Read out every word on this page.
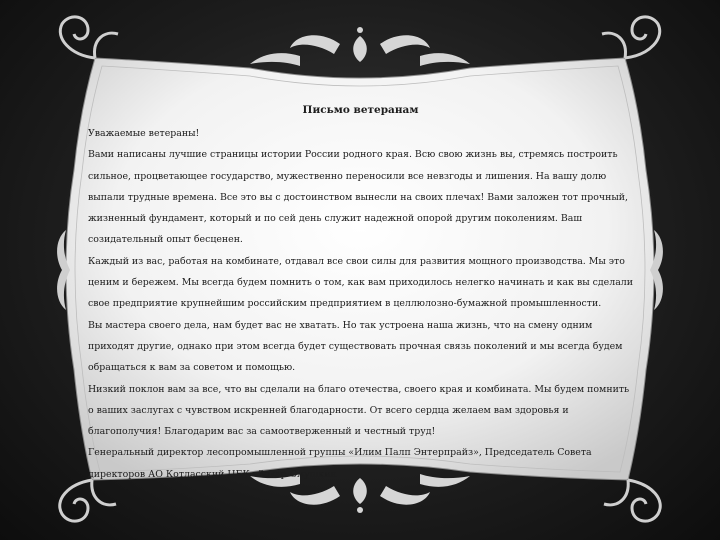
Письмо ветеранам

Уважаемые ветераны!

Вами написаны лучшие страницы истории России родного края. Всю свою жизнь вы, стремясь построить сильное, процветающее государство, мужественно переносили все невзгоды и лишения. На вашу долю выпали трудные времена. Все это вы с достоинством вынесли на своих плечах! Вами заложен тот прочный, жизненный фундамент, который и по сей день служит надежной опорой другим поколениям. Ваш созидательный опыт бесценен.

Каждый из вас, работая на комбинате, отдавал все свои силы для развития мощного производства. Мы это ценим и бережем. Мы всегда будем помнить о том, как вам приходилось нелегко начинать и как вы сделали свое предприятие крупнейшим российским предприятием в целлюлозно-бумажной промышленности.

Вы мастера своего дела, нам будет вас не хватать. Но так устроена наша жизнь, что на смену одним приходят другие, однако при этом всегда будет существовать прочная связь поколений и мы всегда будем обращаться к вам за советом и помощью.

Низкий поклон вам за все, что вы сделали на благо отечества, своего края и комбината. Мы будем помнить о ваших заслугах с чувством искренней благодарности. От всего сердца желаем вам здоровья и благополучия! Благодарим вас за самоотверженный и честный труд!

Генеральный директор лесопромышленной группы «Илим Палп Энтерпрайз», Председатель Совета директоров АО Котласский ЦБК» Захар Смушкин
